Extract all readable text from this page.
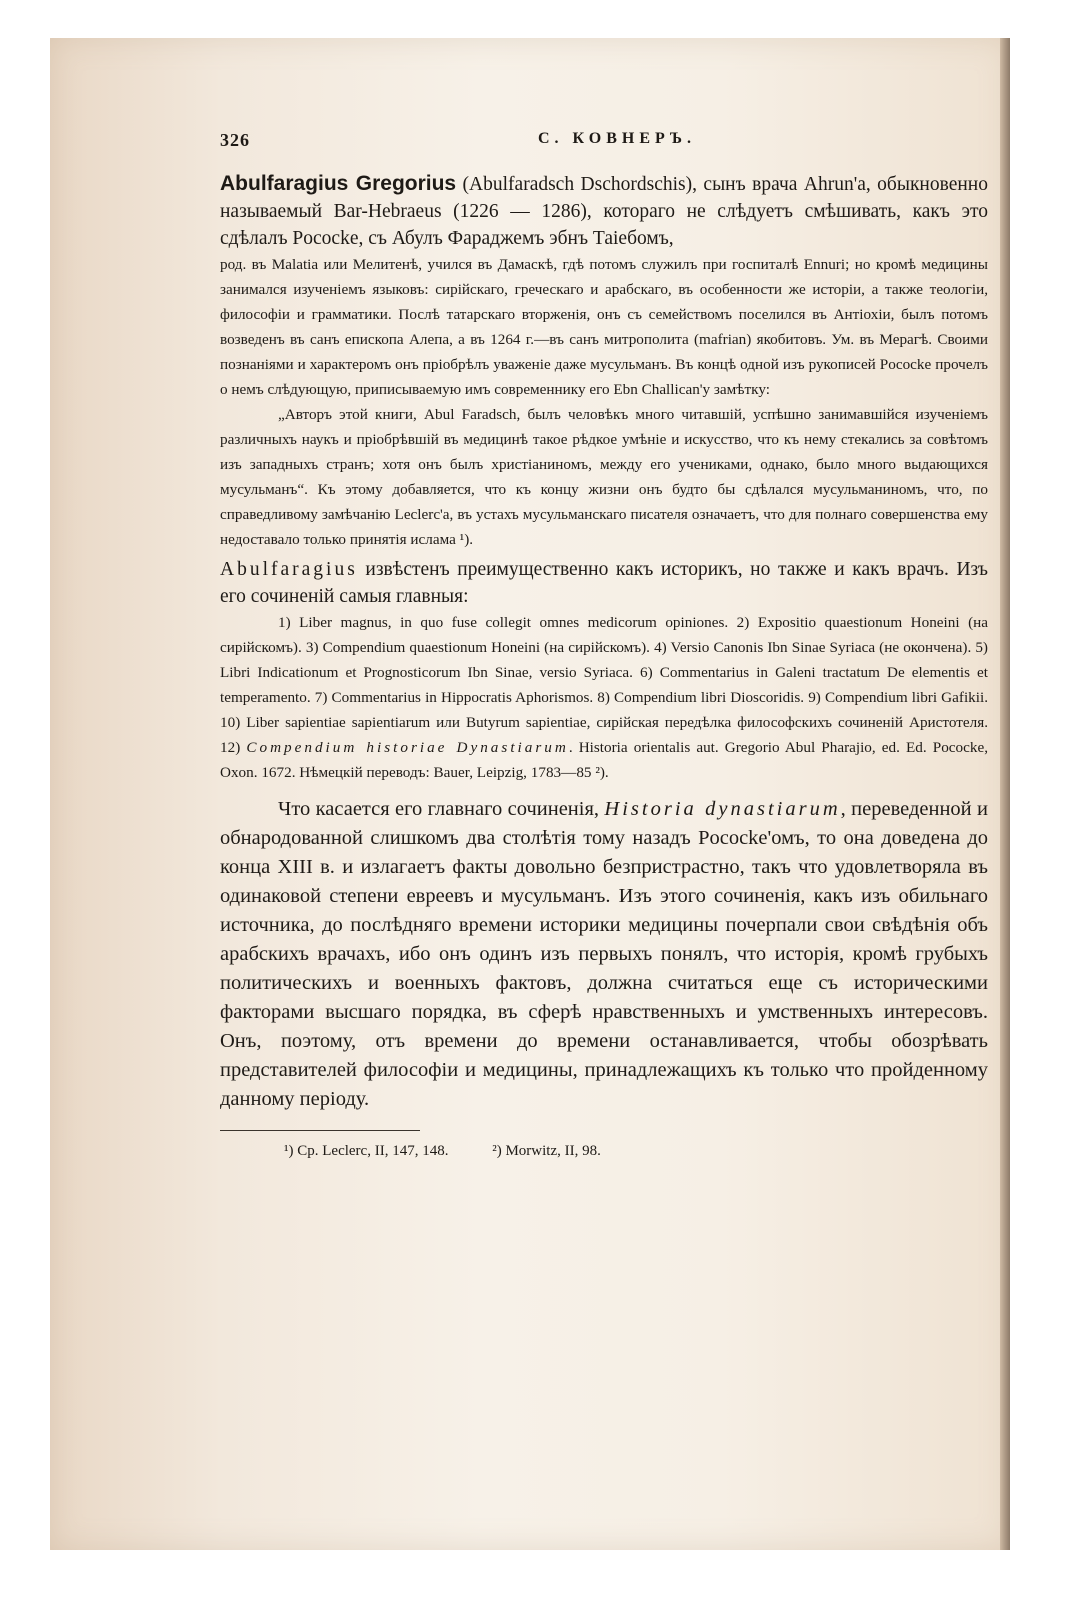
326	С. КОВНЕРЪ.

Abulfaragius Gregorius (Abulfaradsch Dschordschis), сынъ врача Ahrun'a, обыкновенно называемый Bar-Hebraeus (1226 — 1286), котораго не слѣдуетъ смѣшивать, какъ это сдѣлалъ Pococke, съ Абулъ Фараджемъ эбнъ Таіебомъ,

род. въ Malatia или Мелитенѣ, учился въ Дамаскѣ, гдѣ потомъ служилъ при госпиталѣ Ennuri; но кромѣ медицины занимался изученіемъ языковъ: сирійскаго, греческаго и арабскаго, въ особенности же исторіи, а также теологіи, философіи и грамматики. Послѣ татарскаго вторженія, онъ съ семействомъ поселился въ Антіохіи, былъ потомъ возведенъ въ санъ епископа Алепа, а въ 1264 г.—въ санъ митрополита (mafrian) якобитовъ. Ум. въ Мерагѣ. Своими познаніями и характеромъ онъ пріобрѣлъ уваженіе даже мусульманъ. Въ концѣ одной изъ рукописей Pococke прочелъ о немъ слѣдующую, приписываемую имъ современнику его Ebn Challican'y замѣтку:

„Авторъ этой книги, Abul Faradsch, былъ человѣкъ много читавшій, успѣшно занимавшійся изученіемъ различныхъ наукъ и пріобрѣвшій въ медицинѣ такое рѣдкое умѣніе и искусство, что къ нему стекались за совѣтомъ изъ западныхъ странъ; хотя онъ былъ христіаниномъ, между его учениками, однако, было много выдающихся мусульманъ“. Къ этому добавляется, что къ концу жизни онъ будто бы сдѣлался мусульманиномъ, что, по справедливому замѣчанію Leclerc'a, въ устахъ мусульманскаго писателя означаетъ, что для полнаго совершенства ему недоставало только принятія ислама ¹).

Abulfaragius извѣстенъ преимущественно какъ историкъ, но также и какъ врачъ. Изъ его сочиненій самыя главныя:

1) Liber magnus, in quo fuse collegit omnes medicorum opiniones. 2) Expositio quaestionum Honeini (на сирійскомъ). 3) Compendium quaestionum Honeini (на сирійскомъ). 4) Versio Canonis Ibn Sinae Syriaca (не окончена). 5) Libri Indicationum et Prognosticorum Ibn Sinae, versio Syriaca. 6) Commentarius in Galeni tractatum De elementis et temperamento. 7) Commentarius in Hippocratis Aphorismos. 8) Compendium libri Dioscoridis. 9) Compendium libri Gafikii. 10) Liber sapientiae sapientiarum или Butyrum sapientiae, сирійская передѣлка философскихъ сочиненій Аристотеля. 12) Compendium historiae Dynastiarum. Historia orientalis aut. Gregorio Abul Pharajio, ed. Ed. Pococke, Oxon. 1672. Нѣмецкій переводъ: Bauer, Leipzig, 1783—85 ²).

Что касается его главнаго сочиненія, Historia dynastiarum, переведенной и обнародованной слишкомъ два столѣтія тому назадъ Pococke'омъ, то она доведена до конца XIII в. и излагаетъ факты довольно безпристрастно, такъ что удовлетворяла въ одинаковой степени евреевъ и мусульманъ. Изъ этого сочиненія, какъ изъ обильнаго источника, до послѣдняго времени историки медицины почерпали свои свѣдѣнія объ арабскихъ врачахъ, ибо онъ одинъ изъ первыхъ понялъ, что исторія, кромѣ грубыхъ политическихъ и военныхъ фактовъ, должна считаться еще съ историческими факторами высшаго порядка, въ сферѣ нравственныхъ и умственныхъ интересовъ. Онъ, поэтому, отъ времени до времени останавливается, чтобы обозрѣвать представителей философіи и медицины, принадлежащихъ къ только что пройденному данному періоду.

¹) Ср. Leclerc, II, 147, 148.	²) Morwitz, II, 98.
